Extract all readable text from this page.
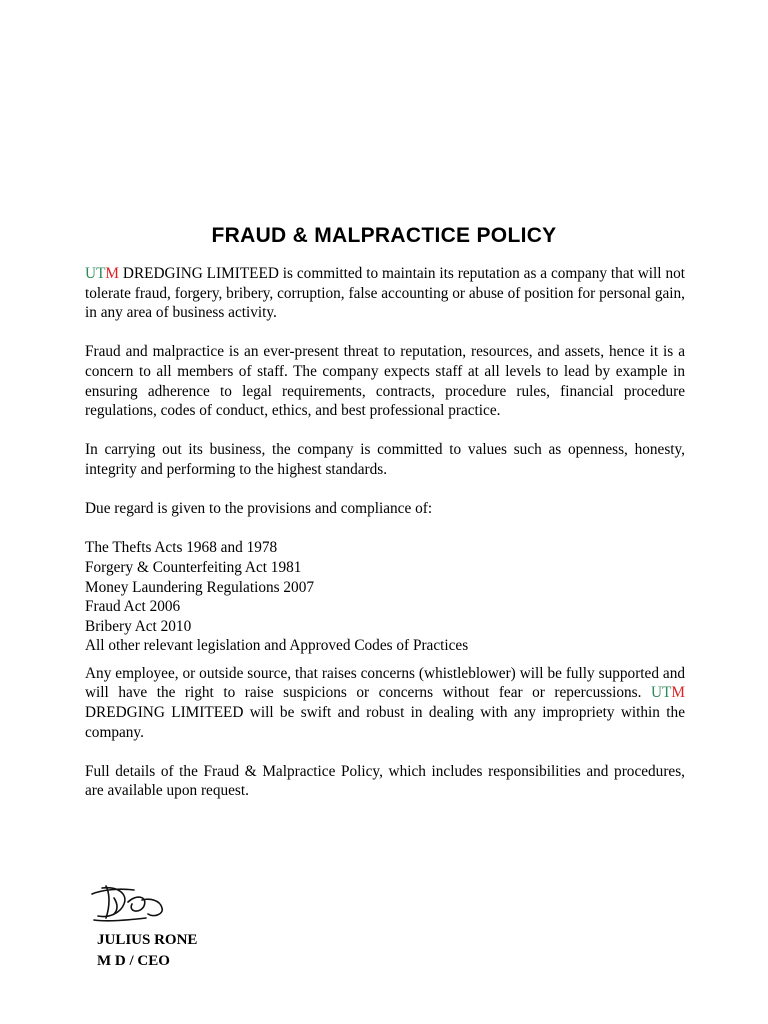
FRAUD & MALPRACTICE POLICY

UTM DREDGING LIMITEED is committed to maintain its reputation as a company that will not tolerate fraud, forgery, bribery, corruption, false accounting or abuse of position for personal gain, in any area of business activity.

Fraud and malpractice is an ever-present threat to reputation, resources, and assets, hence it is a concern to all members of staff. The company expects staff at all levels to lead by example in ensuring adherence to legal requirements, contracts, procedure rules, financial procedure regulations, codes of conduct, ethics, and best professional practice.

In carrying out its business, the company is committed to values such as openness, honesty, integrity and performing to the highest standards.

Due regard is given to the provisions and compliance of:

The Thefts Acts 1968 and 1978
Forgery & Counterfeiting Act 1981
Money Laundering Regulations 2007
Fraud Act 2006
Bribery Act 2010
All other relevant legislation and Approved Codes of Practices

Any employee, or outside source, that raises concerns (whistleblower) will be fully supported and will have the right to raise suspicions or concerns without fear or repercussions. UTM DREDGING LIMITEED will be swift and robust in dealing with any impropriety within the company.

Full details of the Fraud & Malpractice Policy, which includes responsibilities and procedures, are available upon request.

JULIUS RONE
M D / CEO
